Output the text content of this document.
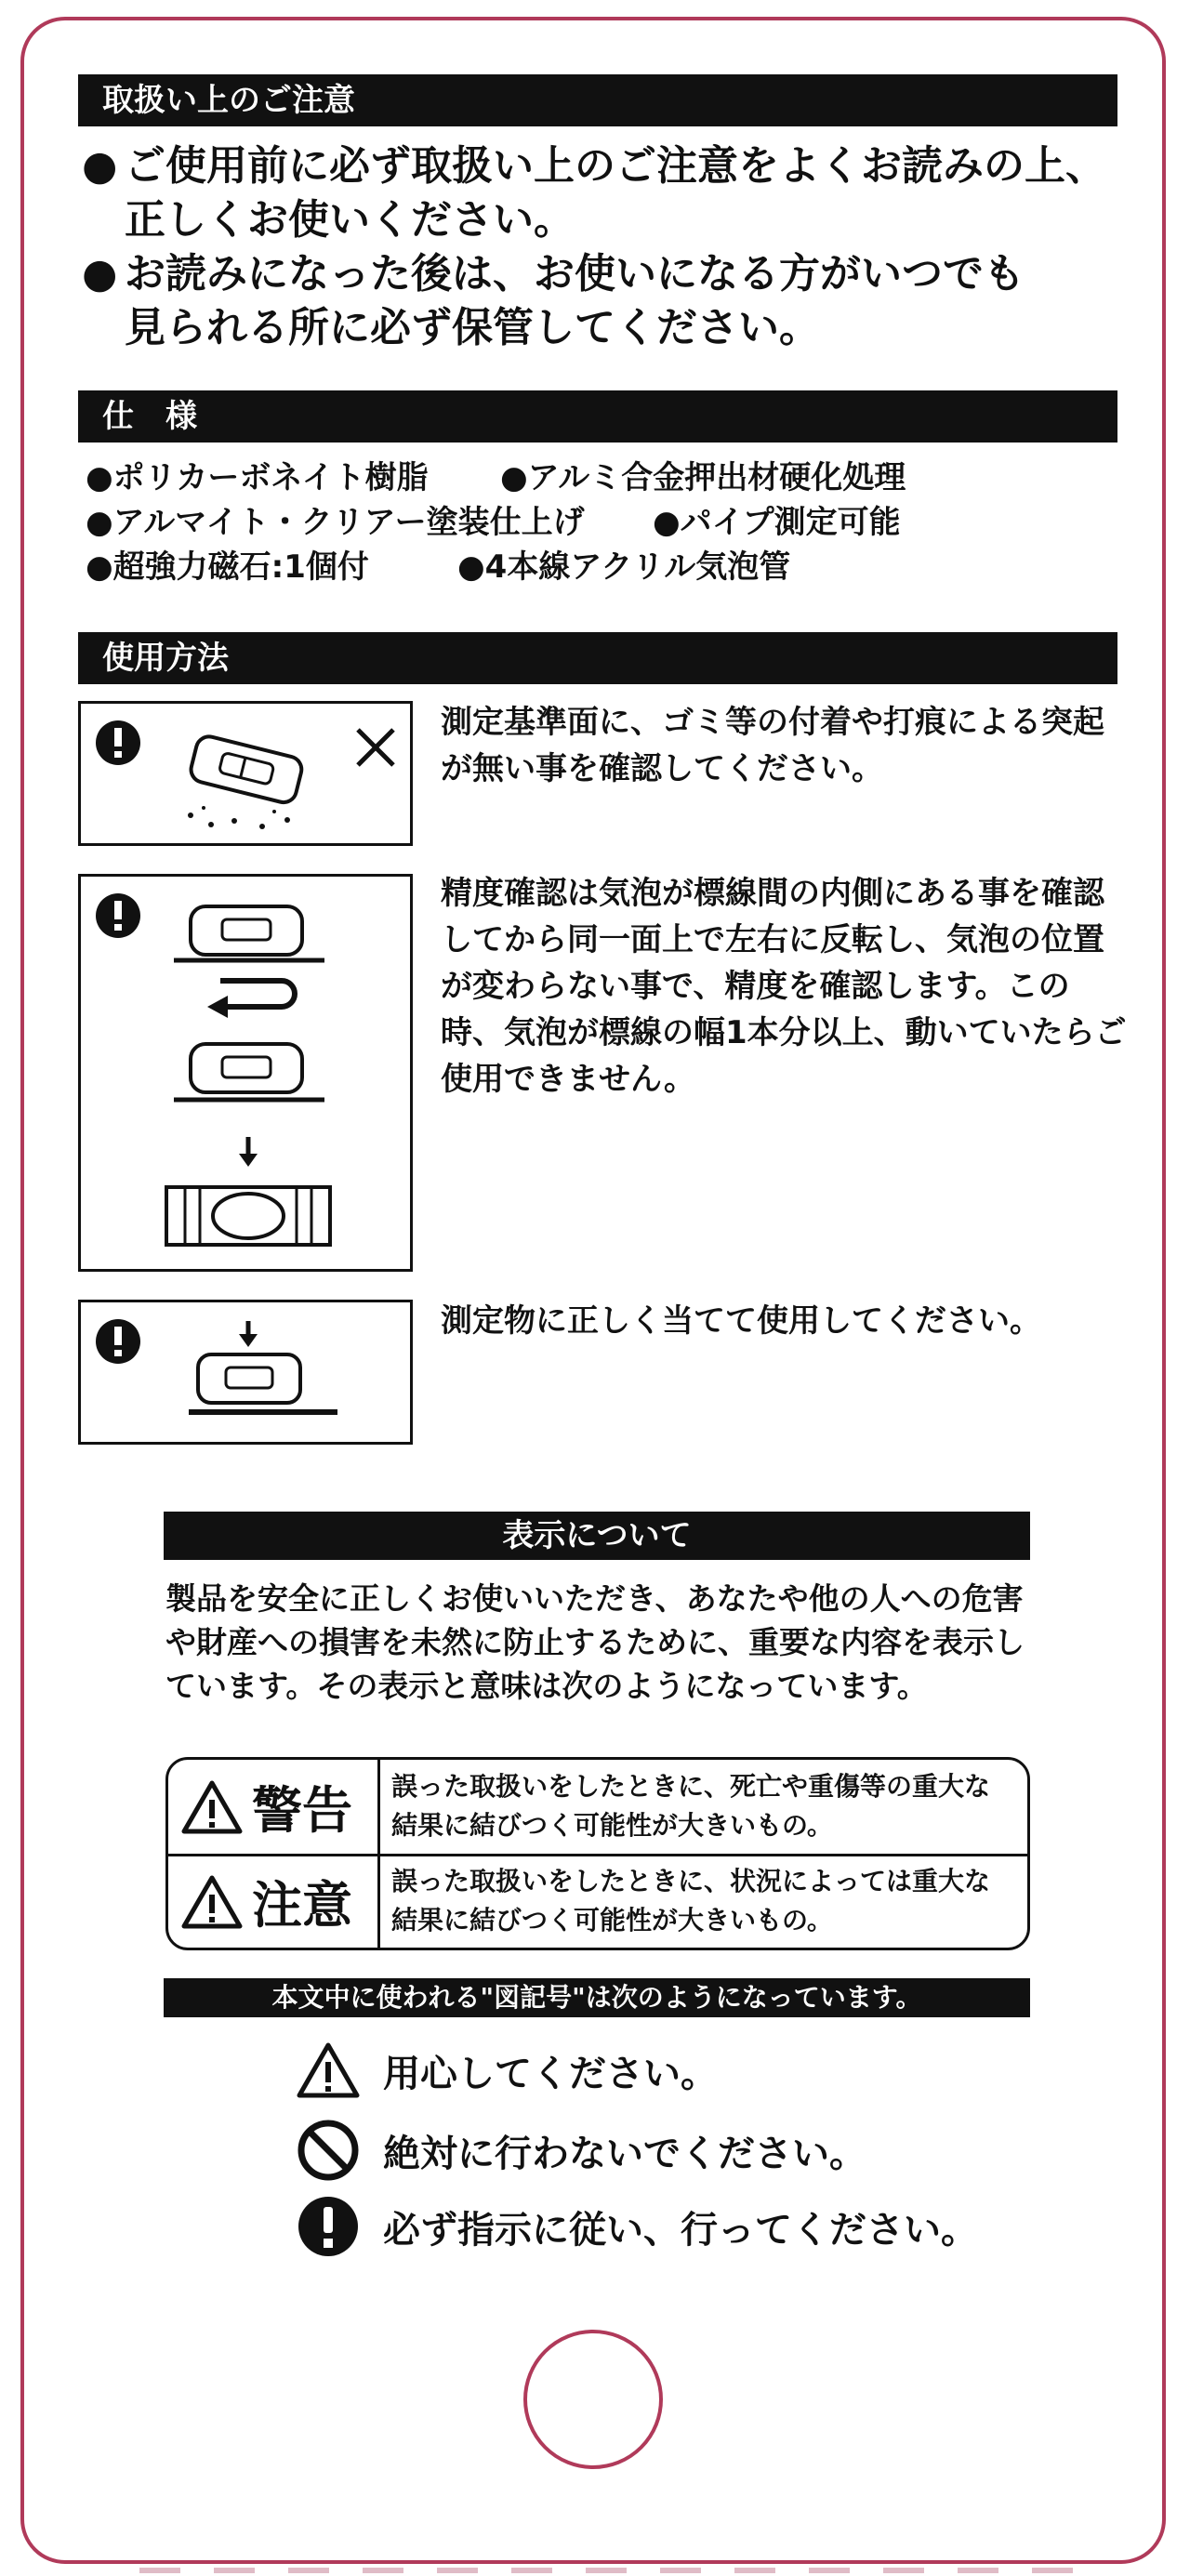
取扱い上のご注意
● ご使用前に必ず取扱い上のご注意をよくお読みの上、
正しくお使いください。
● お読みになった後は、お使いになる方がいつでも
見られる所に必ず保管してください。
仕　様
●ポリカーボネイト樹脂 ●アルミ合金押出材硬化処理
●アルマイト・クリアー塗装仕上げ ●パイプ測定可能
●超強力磁石:1個付	●4本線アクリル気泡管
使用方法
測定基準面に、ゴミ等の付着や打痕による突起が無い事を確認してください。
精度確認は気泡が標線間の内側にある事を確認してから同一面上で左右に反転し、気泡の位置が変わらない事で、精度を確認します。この時、気泡が標線の幅1本分以上、動いていたらご使用できません。
測定物に正しく当てて使用してください。
表示について
製品を安全に正しくお使いいただき、あなたや他の人への危害や財産への損害を未然に防止するために、重要な内容を表示しています。その表示と意味は次のようになっています。
警告 誤った取扱いをしたときに、死亡や重傷等の重大な結果に結びつく可能性が大きいもの。
注意 誤った取扱いをしたときに、状況によっては重大な結果に結びつく可能性が大きいもの。
本文中に使われる"図記号"は次のようになっています。
用心してください。
絶対に行わないでください。
必ず指示に従い、行ってください。
